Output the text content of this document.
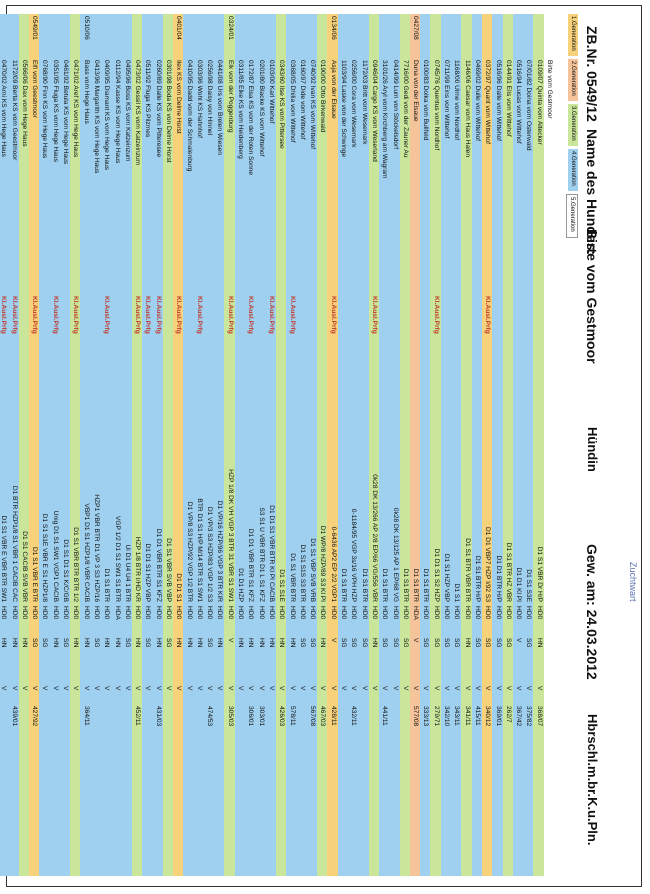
Zuchtwart
ZB.Nr. 0549/12
Name des Hundes:
Birte vom Gestmoor
Hündin
Gew. am: 24.03.2012
Hbrschl.m.br.K.u.Pln.
1.Generation
2.Generation
3.Generation
4.Generation
5.Generation
Birte vom Gestmoor
0109/07 Quinta vom Altecker
D1 S1 VBR Dr H/P
HD0
HN
V
368/07
07/01/82 Doina vom Osterwald
D1 S1 S3E
HD0
SG
V
375/82
0516/94 Lucas vom Wittehof
D1 D1 Kl PI
HD0
V
V
367/42
0144/91 Elis vom Wittehof
D1 S1 BTR HZ VBR
HD0
SG
V
262/7
0516/96 Dalle vom Wittehof
D1 D1 BTR H/P
HD0
SG
V
369/01
0372/97 Quant vom Wittehof
Kl.Ausl.Prfg
D1 D1 VBP7 HZP I/92 S3
HD0
SG
V
340/12
0469/02 Dulle vom Wittehof
D1 S1 BTR H/P
HD0
SG
V
415/11
1146/06 Caesar vom Haus Halen
D1 S1 BTR VBR BTR
HD0
HN
V
341/11
1168/00 Ulme vom Nordhof
D1 S1
HD0
SG
V
343/11
0711/99 Eins vom Wittehof
D1 S1 HZP VBP
HD0
SG
V
342/10
0745/76 Quentus vom Nordhof
Kl.Ausl.Prfg
D1 D1 S1 S2 HZP
HD0
SG
V
279/71
0100/83 Dolka vom Bullfeld
D1 S1 BTR
HD0
SG
V
333/13
0427/08
Duna von der Elsaue
D1 S1 BTR
HDA
V
V
577/08
7716/00 Gedi vom der Zauner Au
D1 S1 BTR
HD0
SG
V
0414/99 Lum von Stöckelsdorf
0k28 DK 13/125 AP 1 EP/68 VG
HD0
SG
V
3101/26 Aryl vom Kirchberg am Wagram
D1 S1 BTR
HD0
SG
V
441/11
0946/04 Cargo KS vom Weserland
Kl.Ausl.Prfg
0k28 DK 13/266 AP 2/8 EP/66 VG/556 VBR
HD0
HN
V
1172/03 Britt vom Wesemark
D1 S1 BTR
HD0
SG
V
0256/00 Cora vom Wesemark
0-1184/95 VGP 3s/16 VPH HZP
HD0
SG
V
432/11
1103/94 Laske von der Schwinge
D1 S1 BTR
HD0
SG
V
0134/06
Asja von der Elsaue
Kl.Ausl.Prfg
0-6436 AP2 EP 2/2 VGP1
HD0
V
V
428/11
0190/00 Otto Birkenwald
D1 WP/8 HZP/89 S3 Kl PI
HD0
HN
V
467/03
0740/92 Ivan KS vom Wittehof
D1 S1 VBP SVB VRB
HD0
SG
V
567/08
0160/97 Dide vom Wittehof
D1 S1 S1S S3 BTR
HD0
SG
V
0368/05 Dhilia vom Wittehof
Kl.Ausl.Prfg
D1 S1 VBR BTR
HD0
HN
V
578/11
0343/60 Ilse KS vom Pittersee
D1 S1 S1E
HD0
HN
V
426/03
0103/00 Karl Wittehof
Kl.Ausl.Prfg
D1 D1 S1 VBR BTR Kl PI CACIB
HD0
HN
V
0201/80 Blacke KS vom Wittehof
S3 S1 U VBR BTR D1 L S1 KFZ
HD0
HN
V
303/01
0172/87 Elsa KS vom der Roten Sonne
Kl.Ausl.Prfg
D1 D1 VBR BTR S1 KFZ
HD0
HN
V
306/01
0311/85 Elke KS vom Heidenberg
D1 D1 HZP
HD0
HN
V
0324/01
Elk vom der Poggenburg
Kl.Ausl.Prfg
HZP 1/8 DK VH VGP 3 BTR 31 VBR S1 SW1
HD0
V
V
305/03
0441/08 Urs vom Brelen Wiesen
D1 VP/16 HZP/96 VGP 3 BTR KIR
HD0
HN
V
0256/98 Daisy von Hinnel
D1 VP/3 S3 HZP/83 VGP 1/2 S3
HD0
SG
V
474/53
0303/96 Wohl KS Hahnhof
Kl.Ausl.Prfg
BTR D1 S1 H/P M/14 BTR S1 SW1
HD0
HN
V
0410/95 Dadd vom der Schmalenburg
D1 VP/8 S3 HZP/92 VGP 1/2 BTR
HD0
HN
V
0401/04
Ilex KS vom Delme Horst
Kl.Ausl.Prfg
D1 D1 S1
HD0
HN
V
0301/98 Boda KS von Delme Horst
D1 S1 VBR SVB VBP
HD0
SG
V
0260/89 Dalle KS vom Pitteresee
Kl.Ausl.Prfg
D1 D1 VBR BTR S1 KFZ
HD0
HN
V
431/03
0511/92 Fluga KS Pilzmes
Kl.Ausl.Prfg
D1 D1 S1 HZP VBP
HD0
SG
V
0473/02 Gessil KS vom Katzeinzum
Kl.Ausl.Prfg
HZP 1/8 BTR I/HD KR
HD0
HN
V
452/11
0495/96 Boss KS vom Katzeinzum
Ui D1 U4 U4 1 BTR
HD0
SG
V
0112/94 Kasse KS vom Hege Haus
VGP 1/2 D1 S1 SW1 S1 BTR
HDA
HN
V
0409/95 Diamant KS vom Hege Haus
Kl.Ausl.Prfg
D1 S1 BTR
HD0
HN
V
0413/96 Margarith KS vom Hege Haus
HZP1 VBR BTR D1 VP 3 S3 HZP/16
HD0
SG
V
0510/06
Bass vom Hege Haus
VBP1 D1 S1 HZP1/8 VBR CACIB
HD0
HN
V
364/11
0471/02 Aref KS vom Hege Haus
Kl.Ausl.Prfg
D1 S1 VBR BTR BTR 1/2
HD0
HN
V
0461/92 Betula KS vom Hege Haus
D1 S1 D1 S1 K/C/GB
HD0
SG
V
0351/95 Fluga KS vom Hege Haus
Kl.Ausl.Prfg
Unig D1 S1 SW1 VGP1 CACIB
HD0
HN
V
0768/90 Finn KS vom Hege Haus
D1 S1 S1E VBR E S1 HZP1/8
HD0
SG
V
0549/01
Elfi vom Geestmoor
Kl.Ausl.Prfg
D1 S1 VBR E BTR
HD0
SG
V
427/92
0566/06 Dax vom Hege Haus
D1 S1 CACIB SVB VBR
HD0
HN
V
1172/09 Berta KS vom Geestmoor
Kl.Ausl.Prfg
D1 BTR HZP1/8 S1 VBR 1 CACIB CAC
HD0
HN
V
439/01
0470/02 Arni KS vom Hege Haus
Kl.Ausl.Prfg
D1 S1 VBR E VBR BTR SW1
HD0
HN
V
